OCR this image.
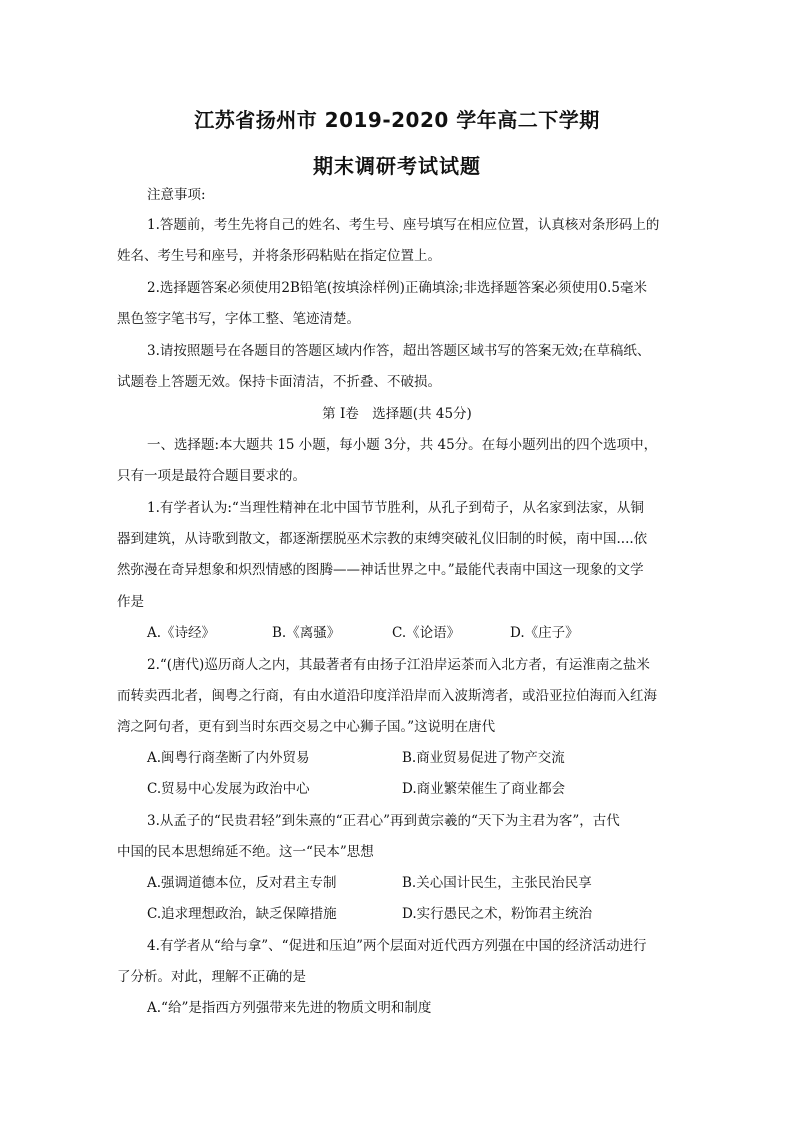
江苏省扬州市 2019-2020 学年高二下学期
期末调研考试试题
注意事项:
1.答题前，考生先将自己的姓名、考生号、座号填写在相应位置，认真核对条形码上的
姓名、考生号和座号，并将条形码粘贴在指定位置上。
2.选择题答案必须使用2B铅笔(按填涂样例)正确填涂;非选择题答案必须使用0.5毫米
黑色签字笔书写，字体工整、笔迹清楚。
3.请按照题号在各题目的答题区域内作答，超出答题区域书写的答案无效;在草稿纸、
试题卷上答题无效。保持卡面清洁，不折叠、不破损。
第 I卷　选择题(共 45分)
一、选择题:本大题共 15 小题，每小题 3分，共 45分。在每小题列出的四个选项中，
只有一项是最符合题目要求的。
1.有学者认为:“当理性精神在北中国节节胜利，从孔子到荀子，从名家到法家，从铜
器到建筑，从诗歌到散文，都逐渐摆脱巫术宗教的束缚突破礼仪旧制的时候，南中国....依
然弥漫在奇异想象和炽烈情感的图腾——神话世界之中。”最能代表南中国这一现象的文学
作是
A.《诗经》	B.《离骚》	C.《论语》	D.《庄子》
2.“(唐代)巡历商人之内，其最著者有由扬子江沿岸运茶而入北方者，有运淮南之盐米
而转卖西北者，闽粤之行商，有由水道沿印度洋沿岸而入波斯湾者，或沿亚拉伯海而入红海
湾之阿句者，更有到当时东西交易之中心狮子国。”这说明在唐代
A.闽粤行商垄断了内外贸易	B.商业贸易促进了物产交流
C.贸易中心发展为政治中心	D.商业繁荣催生了商业都会
3.从孟子的“民贵君轻”到朱熹的“正君心”再到黄宗羲的“天下为主君为客”，古代
中国的民本思想绵延不绝。这一“民本”思想
A.强调道德本位，反对君主专制	B.关心国计民生，主张民治民享
C.追求理想政治，缺乏保障措施	D.实行愚民之术，粉饰君主统治
4.有学者从“给与拿”、“促进和压迫”两个层面对近代西方列强在中国的经济活动进行
了分析。对此，理解不正确的是
A.“给”是指西方列强带来先进的物质文明和制度
